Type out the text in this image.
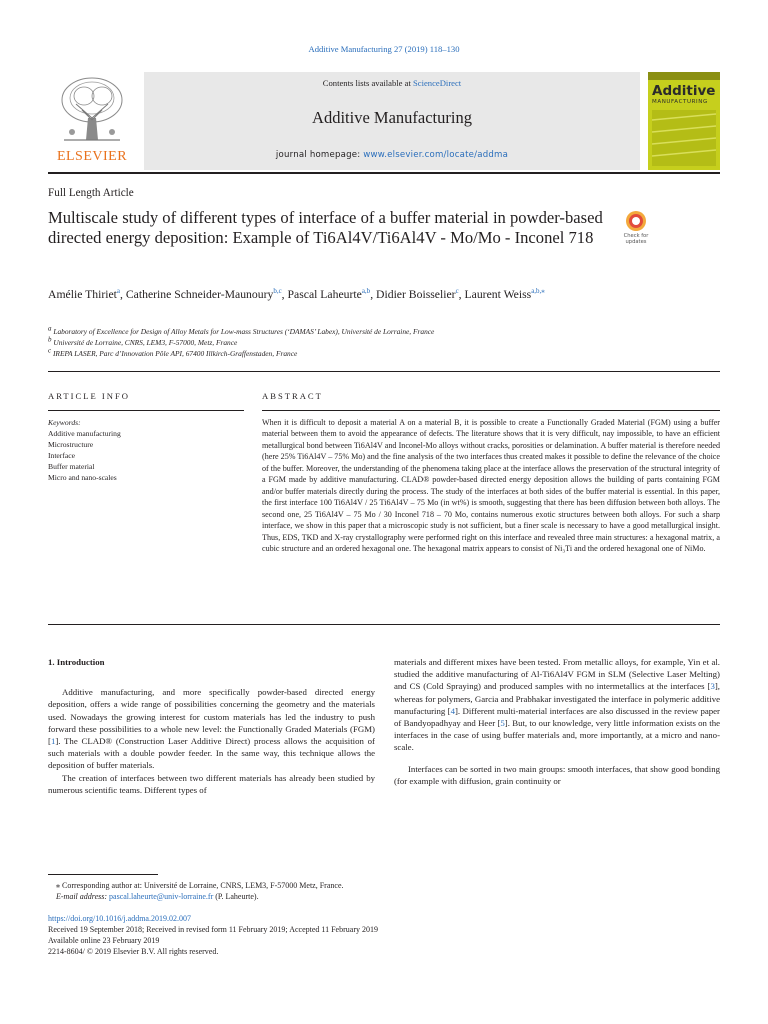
Additive Manufacturing 27 (2019) 118–130
ELSEVIER
Contents lists available at ScienceDirect
Additive Manufacturing
journal homepage: www.elsevier.com/locate/addma
Additive
MANUFACTURING
Full Length Article
Multiscale study of different types of interface of a buffer material in powder-based directed energy deposition: Example of Ti6Al4V/Ti6Al4V - Mo/Mo - Inconel 718	Check for
updates
Amélie Thiriet$^a$, Catherine Schneider-Maunoury$^{b,c}$, Pascal Laheurte$^{a,b}$, Didier Boisselier$^c$, Laurent Weiss$^{a,b,⁎}$
$^a$ Laboratory of Excellence for Design of Alloy Metals for Low-mass Structures (‘DAMAS’ Labex), Université de Lorraine, France
$^b$ Université de Lorraine, CNRS, LEM3, F-57000, Metz, France
$^c$ IREPA LASER, Parc d’Innovation Pôle API, 67400 Illkirch-Graffenstaden, France
ARTICLE INFO	ABSTRACT
Keywords:
Additive manufacturing
Microstructure
Interface
Buffer material
Micro and nano-scales
When it is difficult to deposit a material A on a material B, it is possible to create a Functionally Graded Material (FGM) using a buffer material between them to avoid the appearance of defects. The literature shows that it is very difficult, nay impossible, to have an efficient metallurgical bond between Ti6Al4V and Inconel-Mo alloys without cracks, porosities or delamination. A buffer material is therefore needed (here 25% Ti6Al4V – 75% Mo) and the fine analysis of the two interfaces thus created makes it possible to define the relevance of the choice of the buffer. Moreover, the understanding of the phenomena taking place at the interface allows the preservation of the structural integrity of a FGM made by additive manufacturing. CLAD® powder-based directed energy deposition allows the building of parts containing FGM and/or buffer materials directly during the process. The study of the interfaces at both sides of the buffer material is essential. In this paper, the first interface 100 Ti6Al4V / 25 Ti6Al4V – 75 Mo (in wt%) is smooth, suggesting that there has been diffusion between both alloys. The second one, 25 Ti6Al4V – 75 Mo / 30 Inconel 718 – 70 Mo, contains numerous exotic structures between both alloys. For such a sharp interface, we show in this paper that a microscopic study is not sufficient, but a finer scale is necessary to have a good metallurgical insight. Thus, EDS, TKD and X-ray crystallography were performed right on this interface and revealed three main structures: a hexagonal matrix, a cubic structure and an ordered hexagonal one. The hexagonal matrix appears to consist of Ni₃Ti and the ordered hexagonal one of NiMo.
1. Introduction
Additive manufacturing, and more specifically powder-based directed energy deposition, offers a wide range of possibilities concerning the geometry and the materials used. Nowadays the growing interest for custom materials has led the industry to push forward these possibilities to a whole new level: the Functionally Graded Materials (FGM) [1]. The CLAD® (Construction Laser Additive Direct) process allows the acquisition of such materials with a double powder feeder. In the same way, this technique allows the deposition of buffer materials.
The creation of interfaces between two different materials has already been studied by numerous scientific teams. Different types of
materials and different mixes have been tested. From metallic alloys, for example, Yin et al. studied the additive manufacturing of Al-Ti6Al4V FGM in SLM (Selective Laser Melting) and CS (Cold Spraying) and produced samples with no intermetallics at the interfaces [3], whereas for polymers, Garcia and Prabhakar investigated the interface in polymeric additive manufacturing [4]. Different multi-material interfaces are also discussed in the review paper of Bandyopadhyay and Heer [5]. But, to our knowledge, very little information exists on the interfaces in the case of using buffer materials and, more importantly, at a micro and nano-scale.
Interfaces can be sorted in two main groups: smooth interfaces, that show good bonding (for example with diffusion, grain continuity or
⁎ Corresponding author at: Université de Lorraine, CNRS, LEM3, F-57000 Metz, France.
E-mail address: pascal.laheurte@univ-lorraine.fr (P. Laheurte).
https://doi.org/10.1016/j.addma.2019.02.007
Received 19 September 2018; Received in revised form 11 February 2019; Accepted 11 February 2019
Available online 23 February 2019
2214-8604/ © 2019 Elsevier B.V. All rights reserved.
